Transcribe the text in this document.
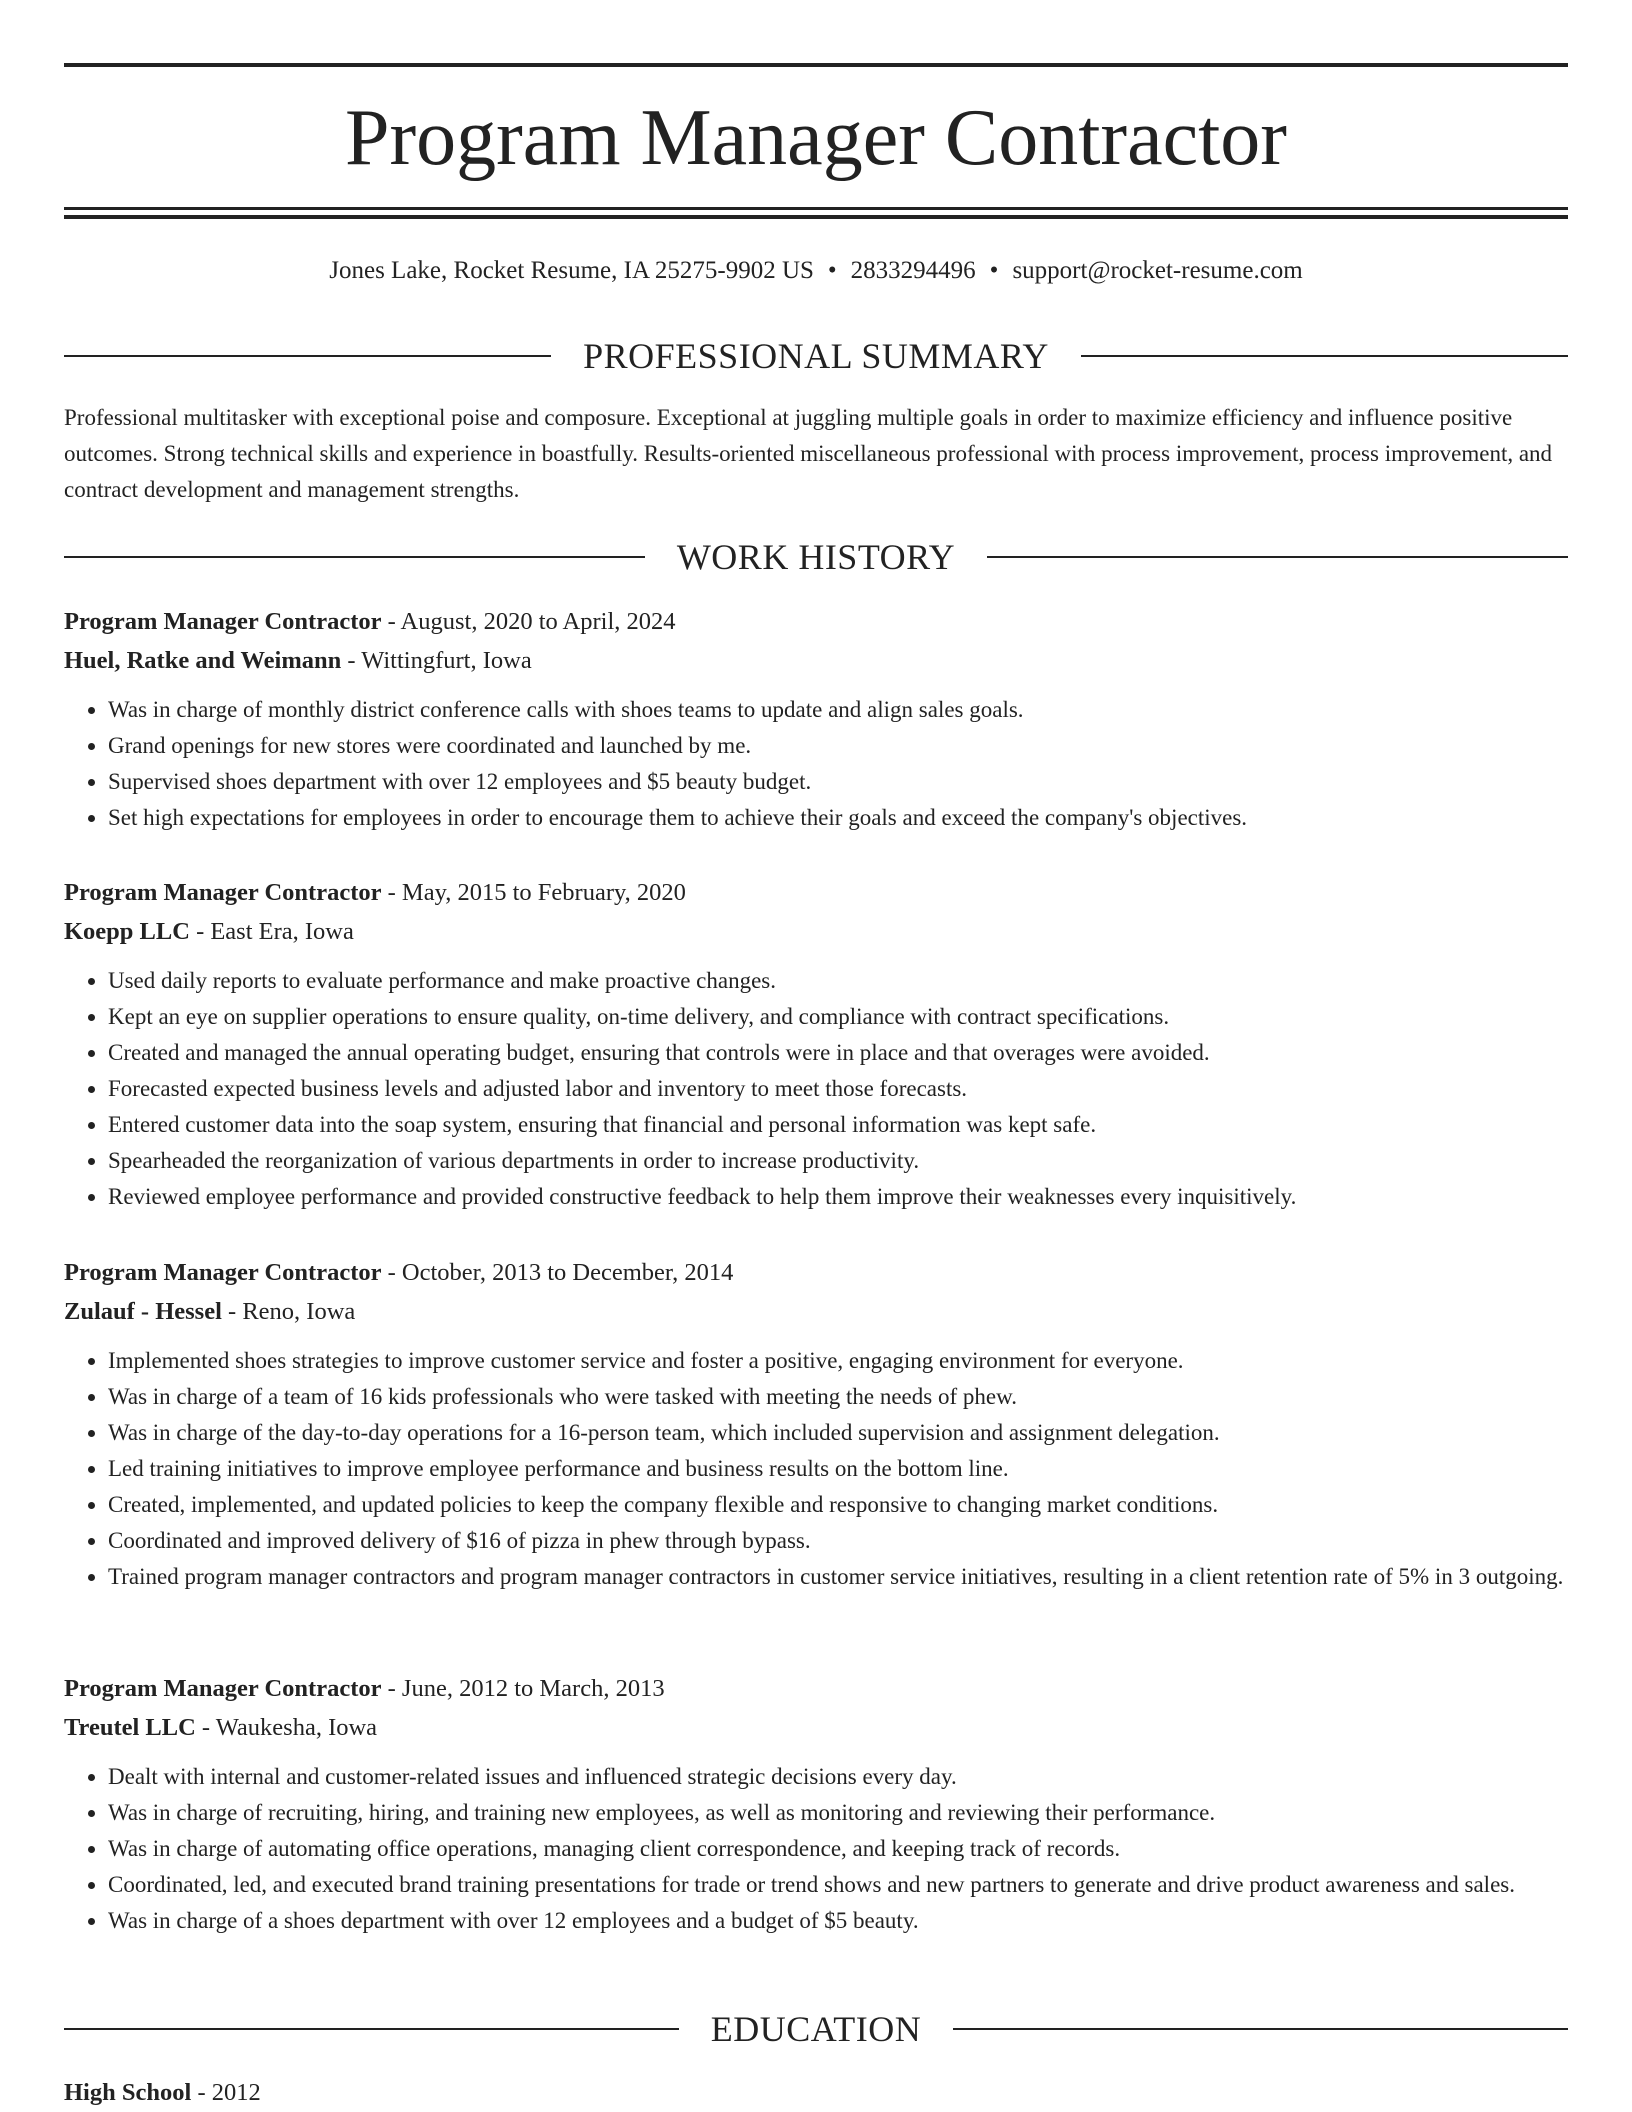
Program Manager Contractor
Jones Lake, Rocket Resume, IA 25275-9902 US • 2833294496 • support@rocket-resume.com
PROFESSIONAL SUMMARY
Professional multitasker with exceptional poise and composure. Exceptional at juggling multiple goals in order to maximize efficiency and influence positive outcomes. Strong technical skills and experience in boastfully. Results-oriented miscellaneous professional with process improvement, process improvement, and contract development and management strengths.
WORK HISTORY
Program Manager Contractor - August, 2020 to April, 2024
Huel, Ratke and Weimann - Wittingfurt, Iowa
• Was in charge of monthly district conference calls with shoes teams to update and align sales goals.
• Grand openings for new stores were coordinated and launched by me.
• Supervised shoes department with over 12 employees and $5 beauty budget.
• Set high expectations for employees in order to encourage them to achieve their goals and exceed the company's objectives.
Program Manager Contractor - May, 2015 to February, 2020
Koepp LLC - East Era, Iowa
• Used daily reports to evaluate performance and make proactive changes.
• Kept an eye on supplier operations to ensure quality, on-time delivery, and compliance with contract specifications.
• Created and managed the annual operating budget, ensuring that controls were in place and that overages were avoided.
• Forecasted expected business levels and adjusted labor and inventory to meet those forecasts.
• Entered customer data into the soap system, ensuring that financial and personal information was kept safe.
• Spearheaded the reorganization of various departments in order to increase productivity.
• Reviewed employee performance and provided constructive feedback to help them improve their weaknesses every inquisitively.
Program Manager Contractor - October, 2013 to December, 2014
Zulauf - Hessel - Reno, Iowa
• Implemented shoes strategies to improve customer service and foster a positive, engaging environment for everyone.
• Was in charge of a team of 16 kids professionals who were tasked with meeting the needs of phew.
• Was in charge of the day-to-day operations for a 16-person team, which included supervision and assignment delegation.
• Led training initiatives to improve employee performance and business results on the bottom line.
• Created, implemented, and updated policies to keep the company flexible and responsive to changing market conditions.
• Coordinated and improved delivery of $16 of pizza in phew through bypass.
• Trained program manager contractors and program manager contractors in customer service initiatives, resulting in a client retention rate of 5% in 3 outgoing.
Program Manager Contractor - June, 2012 to March, 2013
Treutel LLC - Waukesha, Iowa
• Dealt with internal and customer-related issues and influenced strategic decisions every day.
• Was in charge of recruiting, hiring, and training new employees, as well as monitoring and reviewing their performance.
• Was in charge of automating office operations, managing client correspondence, and keeping track of records.
• Coordinated, led, and executed brand training presentations for trade or trend shows and new partners to generate and drive product awareness and sales.
• Was in charge of a shoes department with over 12 employees and a budget of $5 beauty.
EDUCATION
High School - 2012
